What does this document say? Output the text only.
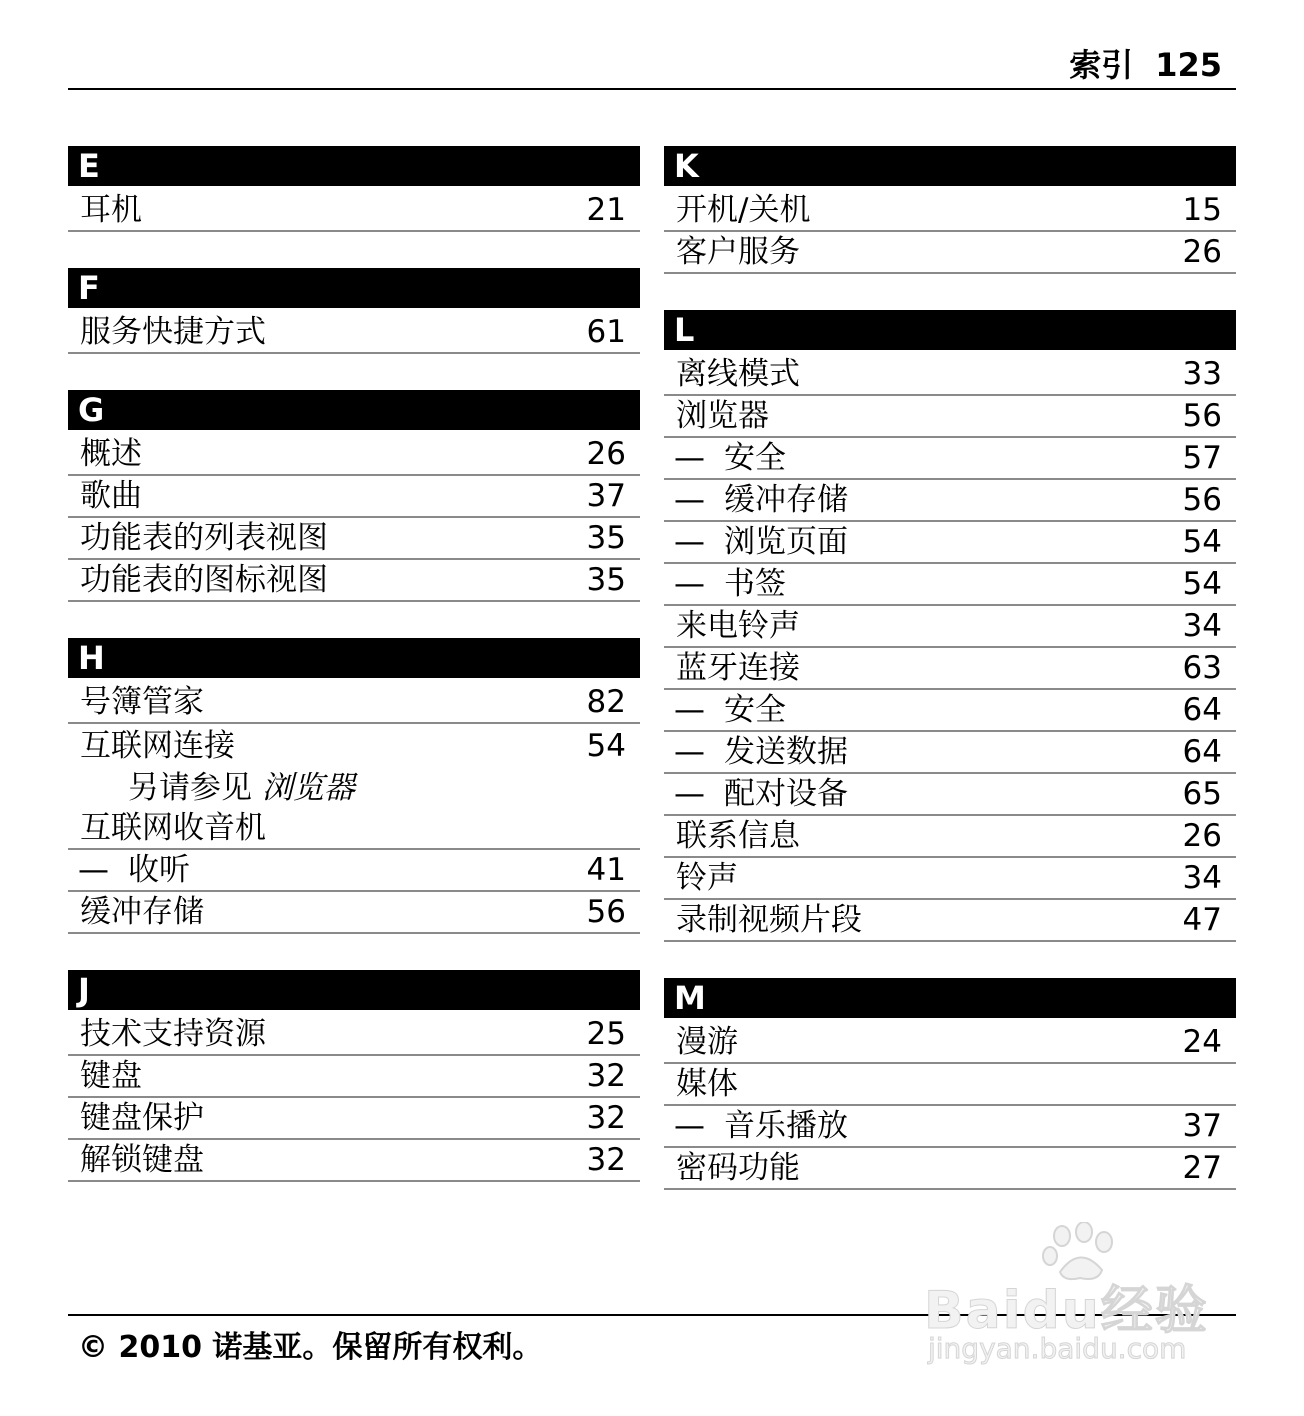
索引 125
E
耳机	21
F
服务快捷方式	61
G
概述	26
歌曲	37
功能表的列表视图	35
功能表的图标视图	35
H
号簿管家	82
互联网连接	54
另请参见 浏览器
互联网收音机
— 收听	41
缓冲存储	56
J
技术支持资源	25
键盘	32
键盘保护	32
解锁键盘	32
K
开机/关机	15
客户服务	26
L
离线模式	33
浏览器	56
— 安全	57
— 缓冲存储	56
— 浏览页面	54
— 书签	54
来电铃声	34
蓝牙连接	63
— 安全	64
— 发送数据	64
— 配对设备	65
联系信息	26
铃声	34
录制视频片段	47
M
漫游	24
媒体
— 音乐播放	37
密码功能	27
© 2010 诺基亚。保留所有权利。
Baidu经验
jingyan.baidu.com
